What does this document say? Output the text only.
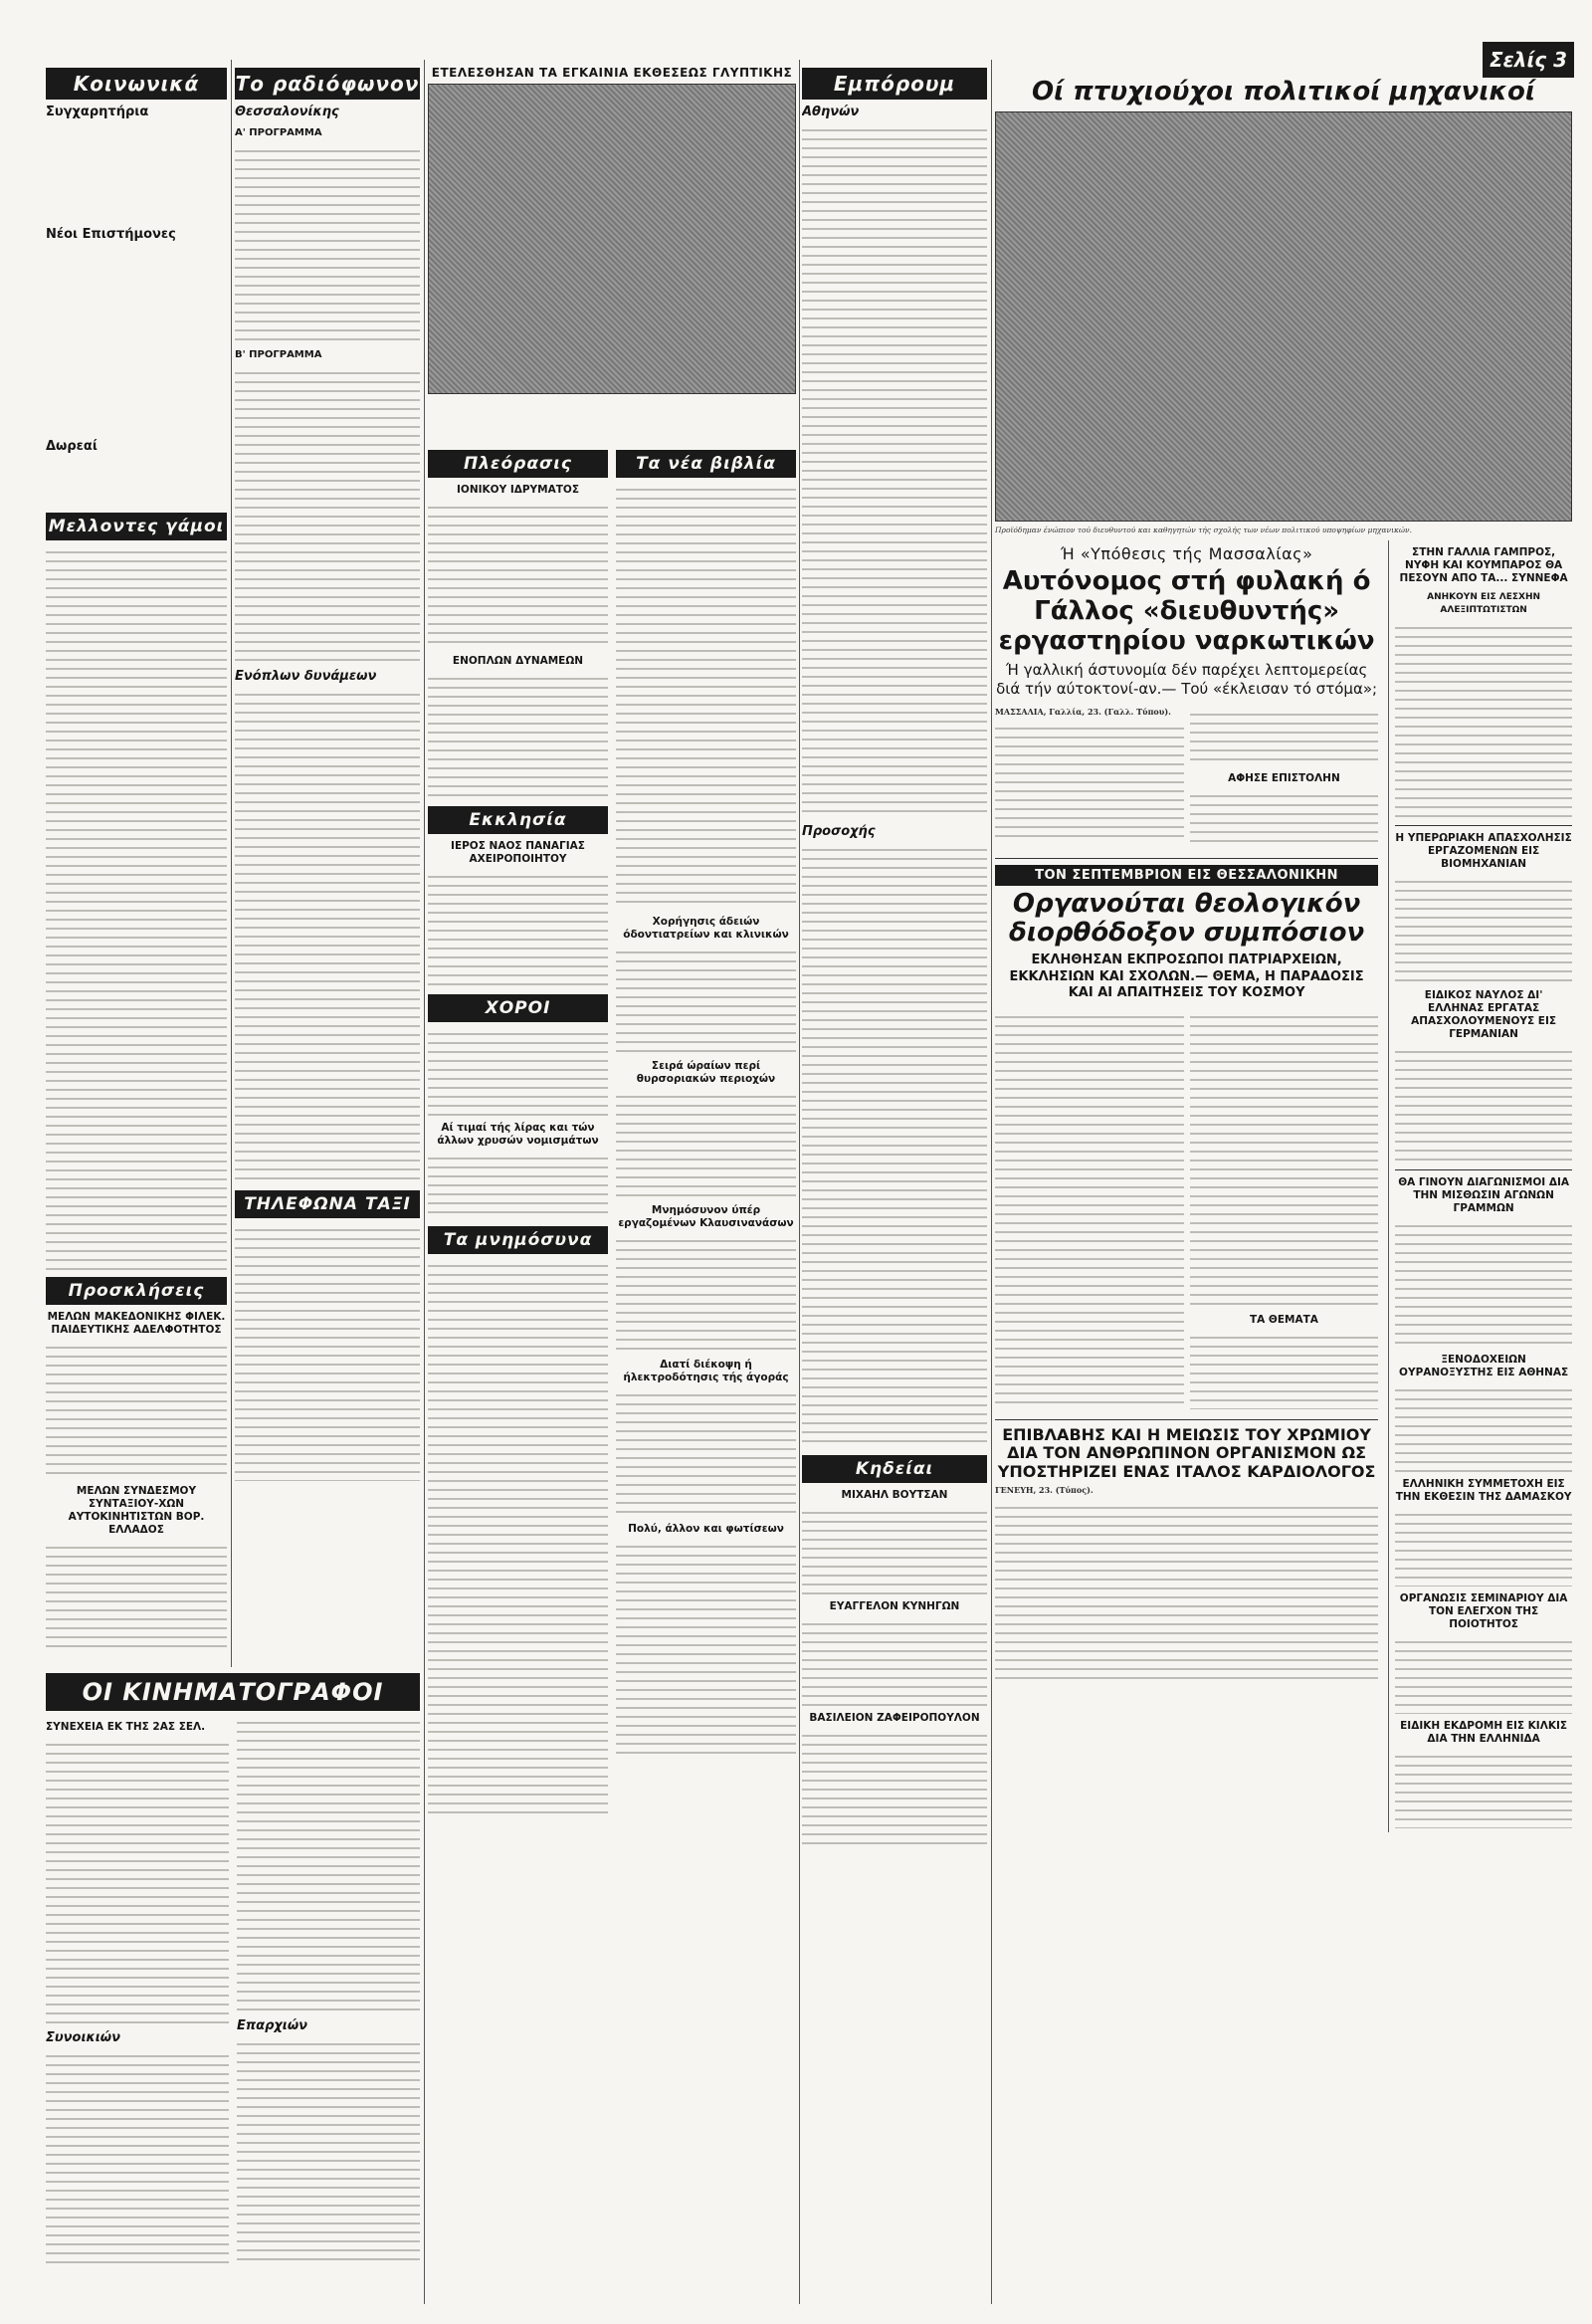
Σελίς 3
Κοινωνικά
Συγχαρητήρια
Νέοι Επιστήμονες
Δωρεαί
Μελλοντες γάμοι
Προσκλήσεις
ΜΕΛΩΝ ΜΑΚΕΔΟΝΙΚΗΣ ΦΙΛΕΚ. ΠΑΙΔΕΥΤΙΚΗΣ ΑΔΕΛΦΟΤΗΤΟΣ
ΜΕΛΩΝ ΣΥΝΔΕΣΜΟΥ ΣΥΝΤΑΞΙΟΥ-ΧΩΝ ΑΥΤΟΚΙΝΗΤΙΣΤΩΝ ΒΟΡ. ΕΛΛΑΔΟΣ
Το ραδιόφωνον
Θεσσαλονίκης
Α' ΠΡΟΓΡΑΜΜΑ
Β' ΠΡΟΓΡΑΜΜΑ
Ενόπλων δυνάμεων
ΤΗΛΕΦΩΝΑ ΤΑΞΙ
ΕΤΕΛΕΣΘΗΣΑΝ ΤΑ ΕΓΚΑΙΝΙΑ ΕΚΘΕΣΕΩΣ ΓΛΥΠΤΙΚΗΣ
Πλεόρασις
ΙΟΝΙΚΟΥ ΙΔΡΥΜΑΤΟΣ
ΕΝΟΠΛΩΝ ΔΥΝΑΜΕΩΝ
Εκκλησία
ΙΕΡΟΣ ΝΑΟΣ ΠΑΝΑΓΙΑΣ ΑΧΕΙΡΟΠΟΙΗΤΟΥ
ΧΟΡΟΙ
Αί τιμαί τής λίρας και τών άλλων χρυσών νομισμάτων
Τα μνημόσυνα
Τα νέα βιβλία
Χορήγησις άδειών όδοντιατρείων και κλινικών
Σειρά ώραίων περί θυρσοριακών περιοχών
Μνημόσυνον ύπέρ εργαζομένων Κλαυσινανάσων
Διατί διέκοψη ή ήλεκτροδότησις τής άγοράς
Πολύ, άλλον και φωτίσεων
Εμπόρουμ
Αθηνών
Προσοχής
Κηδείαι
ΜΙΧΑΗΛ ΒΟΥΤΣΑΝ
ΕΥΑΓΓΕΛΟΝ ΚΥΝΗΓΩΝ
ΒΑΣΙΛΕΙΟΝ ΖΑΦΕΙΡΟΠΟΥΛΟΝ
Οί πτυχιούχοι πολιτικοί μηχανικοί
Προϊόδημαν ένώπιον τού διευθυντού και καθηγητών τής σχολής των νέων πολιτικού υποψηφίων μηχανικών.
Ή «Υπόθεσις τής Μασσαλίας»
Αυτόνομος στή φυλακή ό Γάλλος «διευθυντής» εργαστηρίου ναρκωτικών
Ή γαλλική άστυνομία δέν παρέχει λεπτομερείας διά τήν αύτοκτονί-αν.— Τού «έκλεισαν τό στόμα»;
ΜΑΣΣΑΛΙΑ, Γαλλία, 23. (Γαλλ. Τύπου).
ΑΦΗΣΕ ΕΠΙΣΤΟΛΗΝ
ΤΟΝ ΣΕΠΤΕΜΒΡΙΟΝ ΕΙΣ ΘΕΣΣΑΛΟΝΙΚΗΝ
Οργανούται θεολογικόν διορθόδοξον συμπόσιον
ΕΚΛΗΘΗΣΑΝ ΕΚΠΡΟΣΩΠΟΙ ΠΑΤΡΙΑΡΧΕΙΩΝ, ΕΚΚΛΗΣΙΩΝ ΚΑΙ ΣΧΟΛΩΝ.— ΘΕΜΑ, Η ΠΑΡΑΔΟΣΙΣ ΚΑΙ ΑΙ ΑΠΑΙΤΗΣΕΙΣ ΤΟΥ ΚΟΣΜΟΥ
ΤΑ ΘΕΜΑΤΑ
ΕΠΙΒΛΑΒΗΣ ΚΑΙ Η ΜΕΙΩΣΙΣ ΤΟΥ ΧΡΩΜΙΟΥ ΔΙΑ ΤΟΝ ΑΝΘΡΩΠΙΝΟΝ ΟΡΓΑΝΙΣΜΟΝ ΩΣ ΥΠΟΣΤΗΡΙΖΕΙ ΕΝΑΣ ΙΤΑΛΟΣ ΚΑΡΔΙΟΛΟΓΟΣ
ΓΕΝΕΥΗ, 23. (Τύπος).
ΣΤΗΝ ΓΑΛΛΙΑ ΓΑΜΠΡΟΣ, ΝΥΦΗ ΚΑΙ ΚΟΥΜΠΑΡΟΣ ΘΑ ΠΕΣΟΥΝ ΑΠΟ ΤΑ... ΣΥΝΝΕΦΑ
ΑΝΗΚΟΥΝ ΕΙΣ ΛΕΣΧΗΝ ΑΛΕΞΙΠΤΩΤΙΣΤΩΝ
Η ΥΠΕΡΩΡΙΑΚΗ ΑΠΑΣΧΟΛΗΣΙΣ ΕΡΓΑΖΟΜΕΝΩΝ ΕΙΣ ΒΙΟΜΗΧΑΝΙΑΝ
ΕΙΔΙΚΟΣ ΝΑΥΛΟΣ ΔΙ' ΕΛΛΗΝΑΣ ΕΡΓΑΤΑΣ ΑΠΑΣΧΟΛΟΥΜΕΝΟΥΣ ΕΙΣ ΓΕΡΜΑΝΙΑΝ
ΘΑ ΓΙΝΟΥΝ ΔΙΑΓΩΝΙΣΜΟΙ ΔΙΑ ΤΗΝ ΜΙΣΘΩΣΙΝ ΑΓΩΝΩΝ ΓΡΑΜΜΩΝ
ΞΕΝΟΔΟΧΕΙΩΝ ΟΥΡΑΝΟΞΥΣΤΗΣ ΕΙΣ ΑΘΗΝΑΣ
ΕΛΛΗΝΙΚΗ ΣΥΜΜΕΤΟΧΗ ΕΙΣ ΤΗΝ ΕΚΘΕΣΙΝ ΤΗΣ ΔΑΜΑΣΚΟΥ
ΟΡΓΑΝΩΣΙΣ ΣΕΜΙΝΑΡΙΟΥ ΔΙΑ ΤΟΝ ΕΛΕΓΧΟΝ ΤΗΣ ΠΟΙΟΤΗΤΟΣ
ΕΙΔΙΚΗ ΕΚΔΡΟΜΗ ΕΙΣ ΚΙΛΚΙΣ ΔΙΑ ΤΗΝ ΕΛΛΗΝΙΔΑ
ΟΙ ΚΙΝΗΜΑΤΟΓΡΑΦΟΙ
ΣΥΝΕΧΕΙΑ ΕΚ ΤΗΣ 2ΑΣ ΣΕΛ.
Συνοικιών
Επαρχιών
